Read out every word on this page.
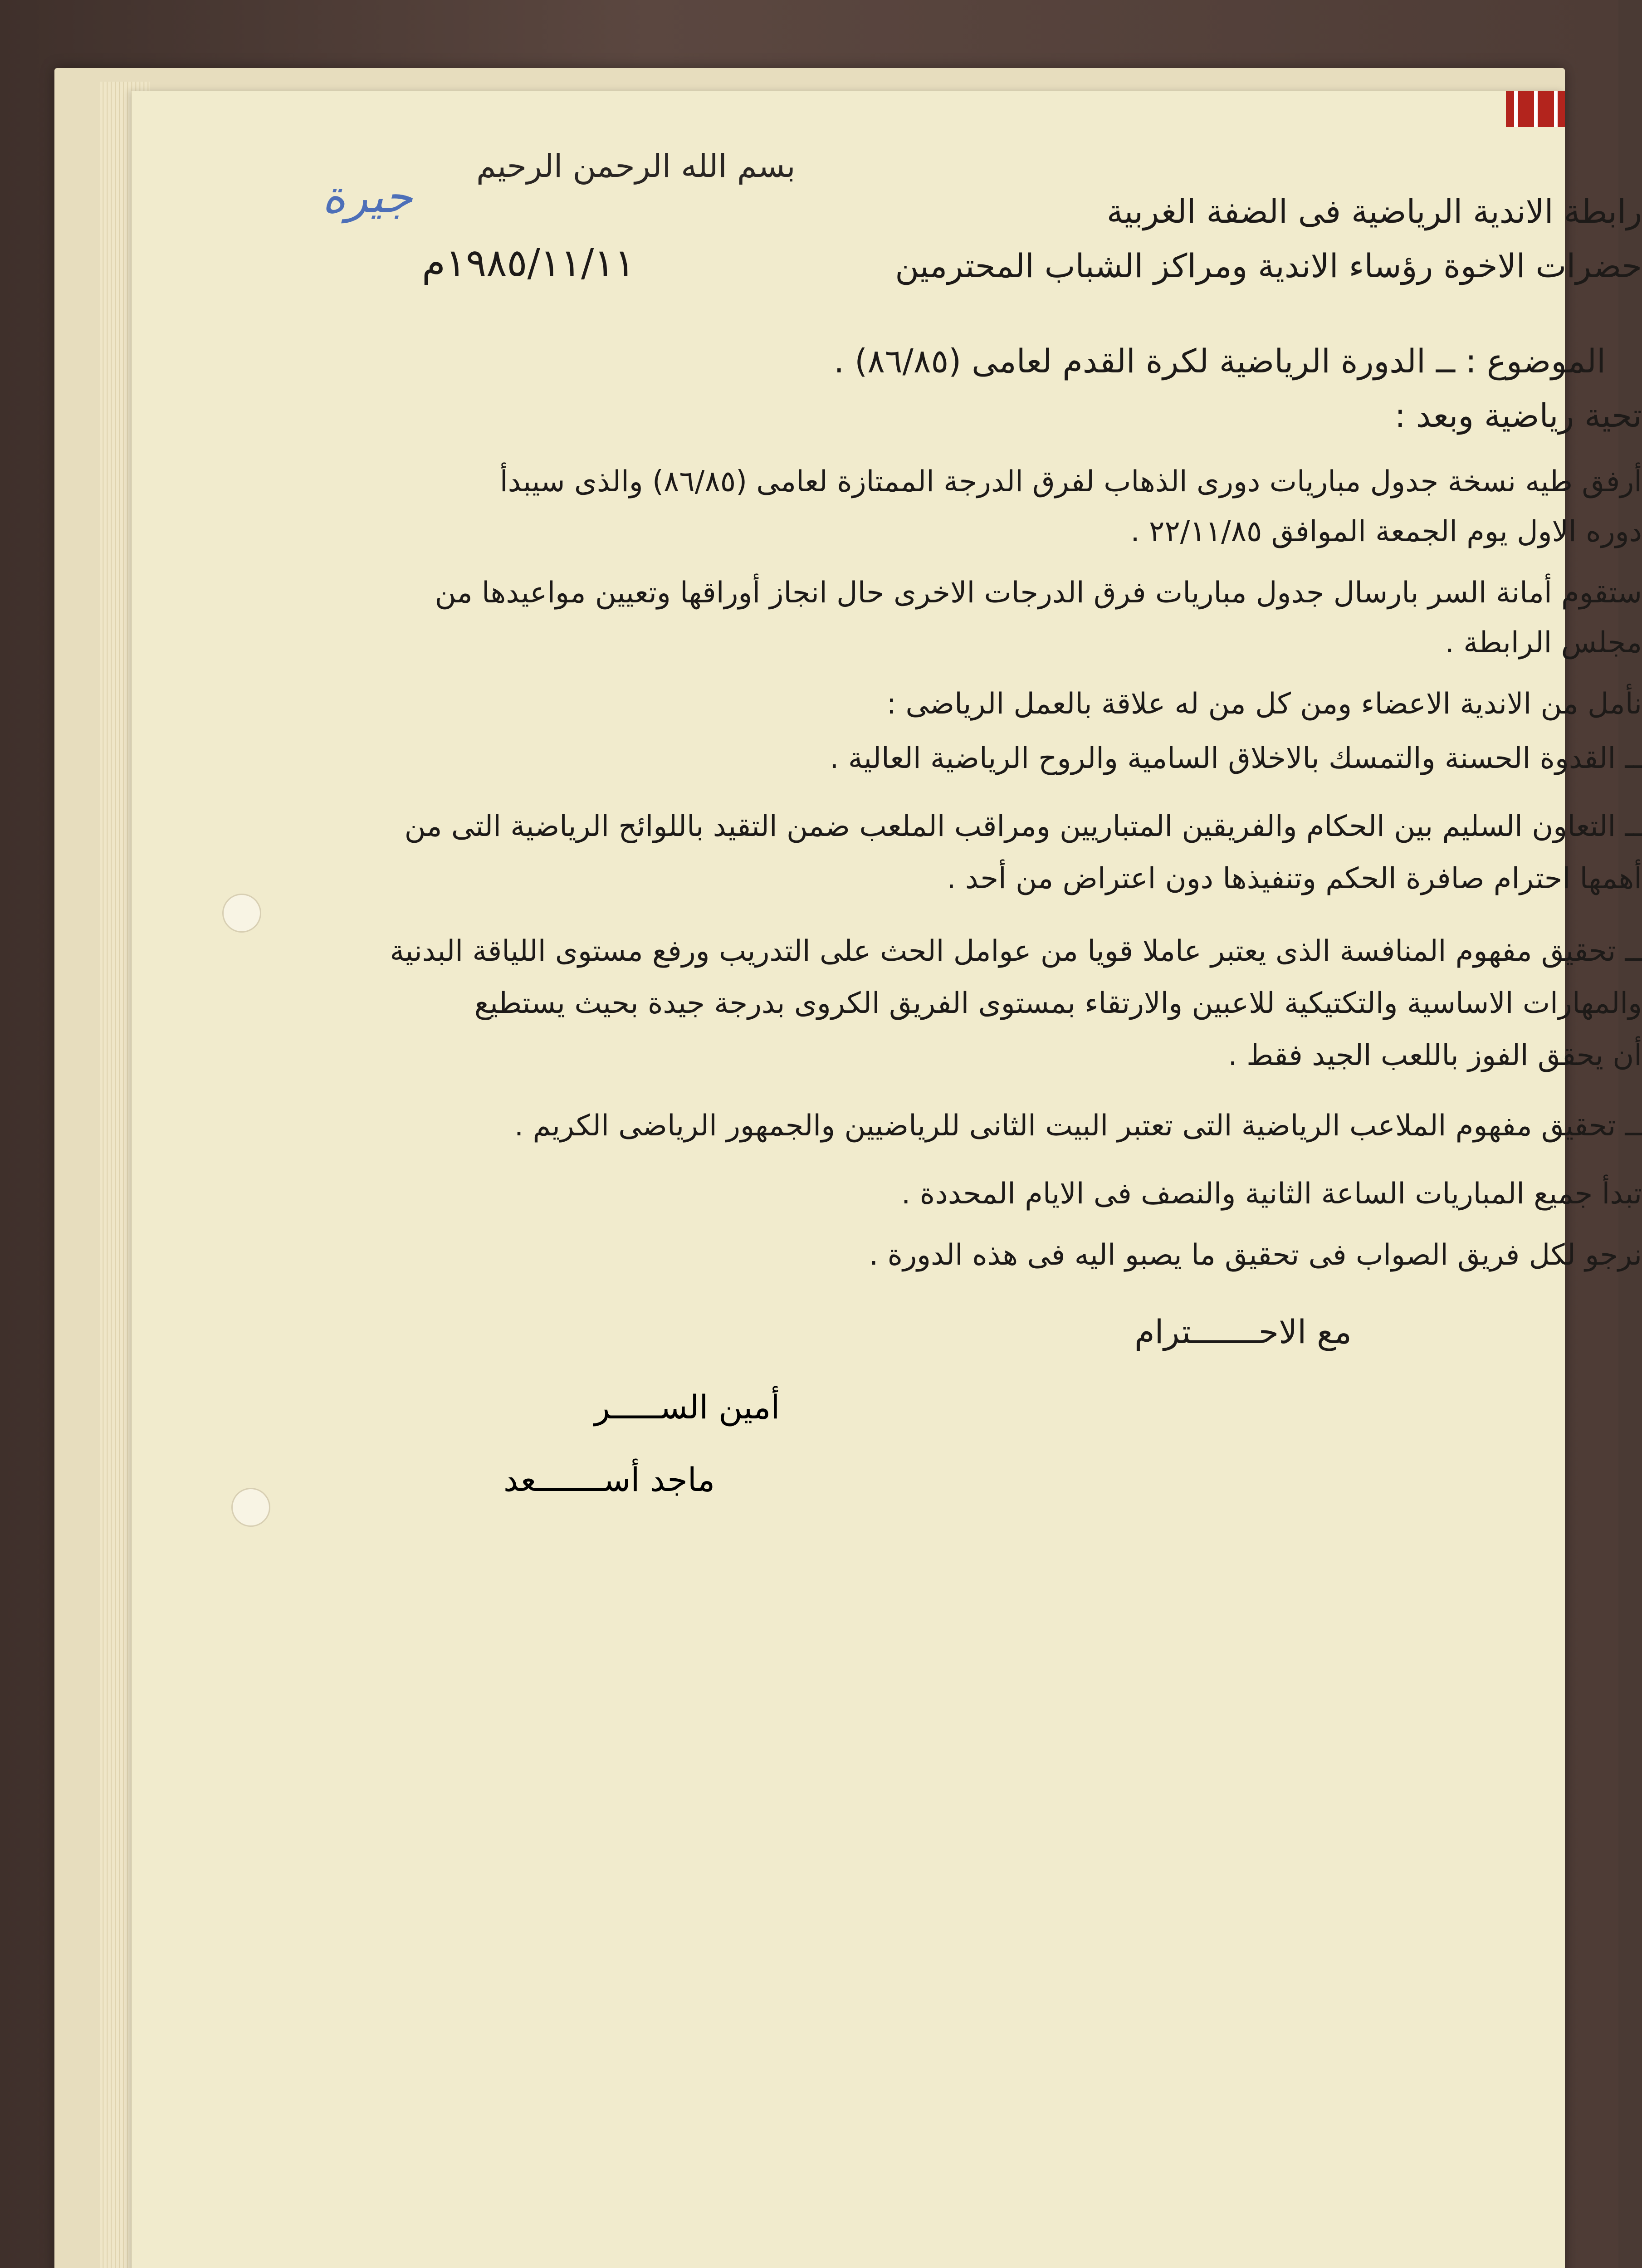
جيرة
بسم الله الرحمن الرحيم
١٩٨٥/١١/١١م
رابطة الاندية الرياضية فى الضفة الغربية
حضرات الاخوة رؤساء الاندية ومراكز الشباب المحترمين
الموضوع : ــ الدورة الرياضية لكرة القدم لعامى (٨٦/٨٥) .
تحية رياضية وبعد :
أرفق طيه نسخة جدول مباريات دورى الذهاب لفرق الدرجة الممتازة لعامى (٨٦/٨٥) والذى سيبدأ
دوره الاول يوم الجمعة الموافق ٢٢/١١/٨٥ .
ستقوم أمانة السر بارسال جدول مباريات فرق الدرجات الاخرى حال انجاز أوراقها وتعيين مواعيدها من
مجلس الرابطة .
نأمل من الاندية الاعضاء ومن كل من له علاقة بالعمل الرياضى :
ــ القدوة الحسنة والتمسك بالاخلاق السامية والروح الرياضية العالية .
ــ التعاون السليم بين الحكام والفريقين المتباريين ومراقب الملعب ضمن التقيد باللوائح الرياضية التى من
أهمها احترام صافرة الحكم وتنفيذها دون اعتراض من أحد .
ــ تحقيق مفهوم المنافسة الذى يعتبر عاملا قويا من عوامل الحث على التدريب ورفع مستوى اللياقة البدنية
والمهارات الاساسية والتكتيكية للاعبين والارتقاء بمستوى الفريق الكروى بدرجة جيدة بحيث يستطيع
أن يحقق الفوز باللعب الجيد فقط .
ــ تحقيق مفهوم الملاعب الرياضية التى تعتبر البيت الثانى للرياضيين والجمهور الرياضى الكريم .
تبدأ جميع المباريات الساعة الثانية والنصف فى الايام المحددة .
نرجو لكل فريق الصواب فى تحقيق ما يصبو اليه فى هذه الدورة .
مع الاحـــــــترام
أمين الســـــر
ماجد أســـــــعد
